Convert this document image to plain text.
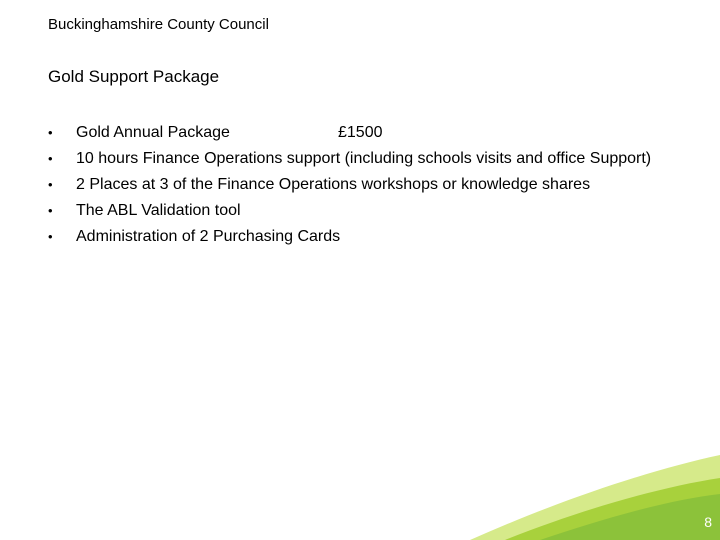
Buckinghamshire County Council
Gold Support Package
•	Gold Annual Package	£1500
•	10 hours Finance Operations support (including schools visits and office Support)
•	2 Places at 3 of the Finance Operations workshops or knowledge shares
•	The ABL Validation tool
•	Administration of 2 Purchasing Cards
8
